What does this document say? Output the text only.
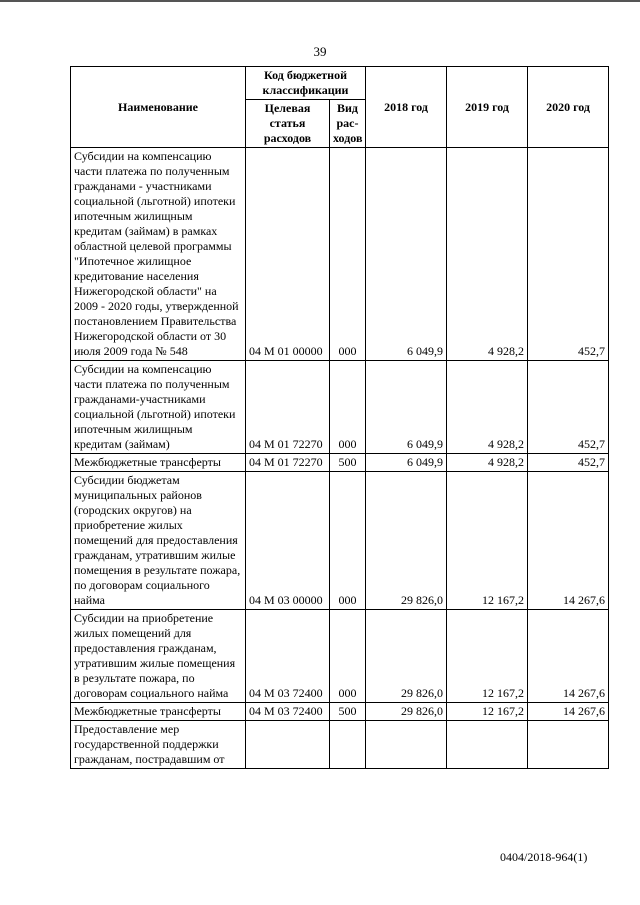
39
Наименование	Код бюджетной классификации		2018 год	2019 год	2020 год
	Целевая статья расходов	Вид рас-ходов			
Субсидии на компенсацию части платежа по полученным гражданами - участниками социальной (льготной) ипотеки ипотечным жилищным кредитам (займам) в рамках областной целевой программы "Ипотечное жилищное кредитование населения Нижегородской области" на 2009 - 2020 годы, утвержденной постановлением Правительства Нижегородской области от 30 июля 2009 года № 548	04 М 01 00000	000	6 049,9	4 928,2	452,7
Субсидии на компенсацию части платежа по полученным гражданами-участниками социальной (льготной) ипотеки ипотечным жилищным кредитам (займам)	04 М 01 72270	000	6 049,9	4 928,2	452,7
Межбюджетные трансферты	04 М 01 72270	500	6 049,9	4 928,2	452,7
Субсидии бюджетам муниципальных районов (городских округов) на приобретение жилых помещений для предоставления гражданам, утратившим жилые помещения в результате пожара, по договорам социального найма	04 М 03 00000	000	29 826,0	12 167,2	14 267,6
Субсидии на приобретение жилых помещений для предоставления гражданам, утратившим жилые помещения в результате пожара, по договорам социального найма	04 М 03 72400	000	29 826,0	12 167,2	14 267,6
Межбюджетные трансферты	04 М 03 72400	500	29 826,0	12 167,2	14 267,6
Предоставление мер государственной поддержки гражданам, пострадавшим от					
0404/2018-964(1)
